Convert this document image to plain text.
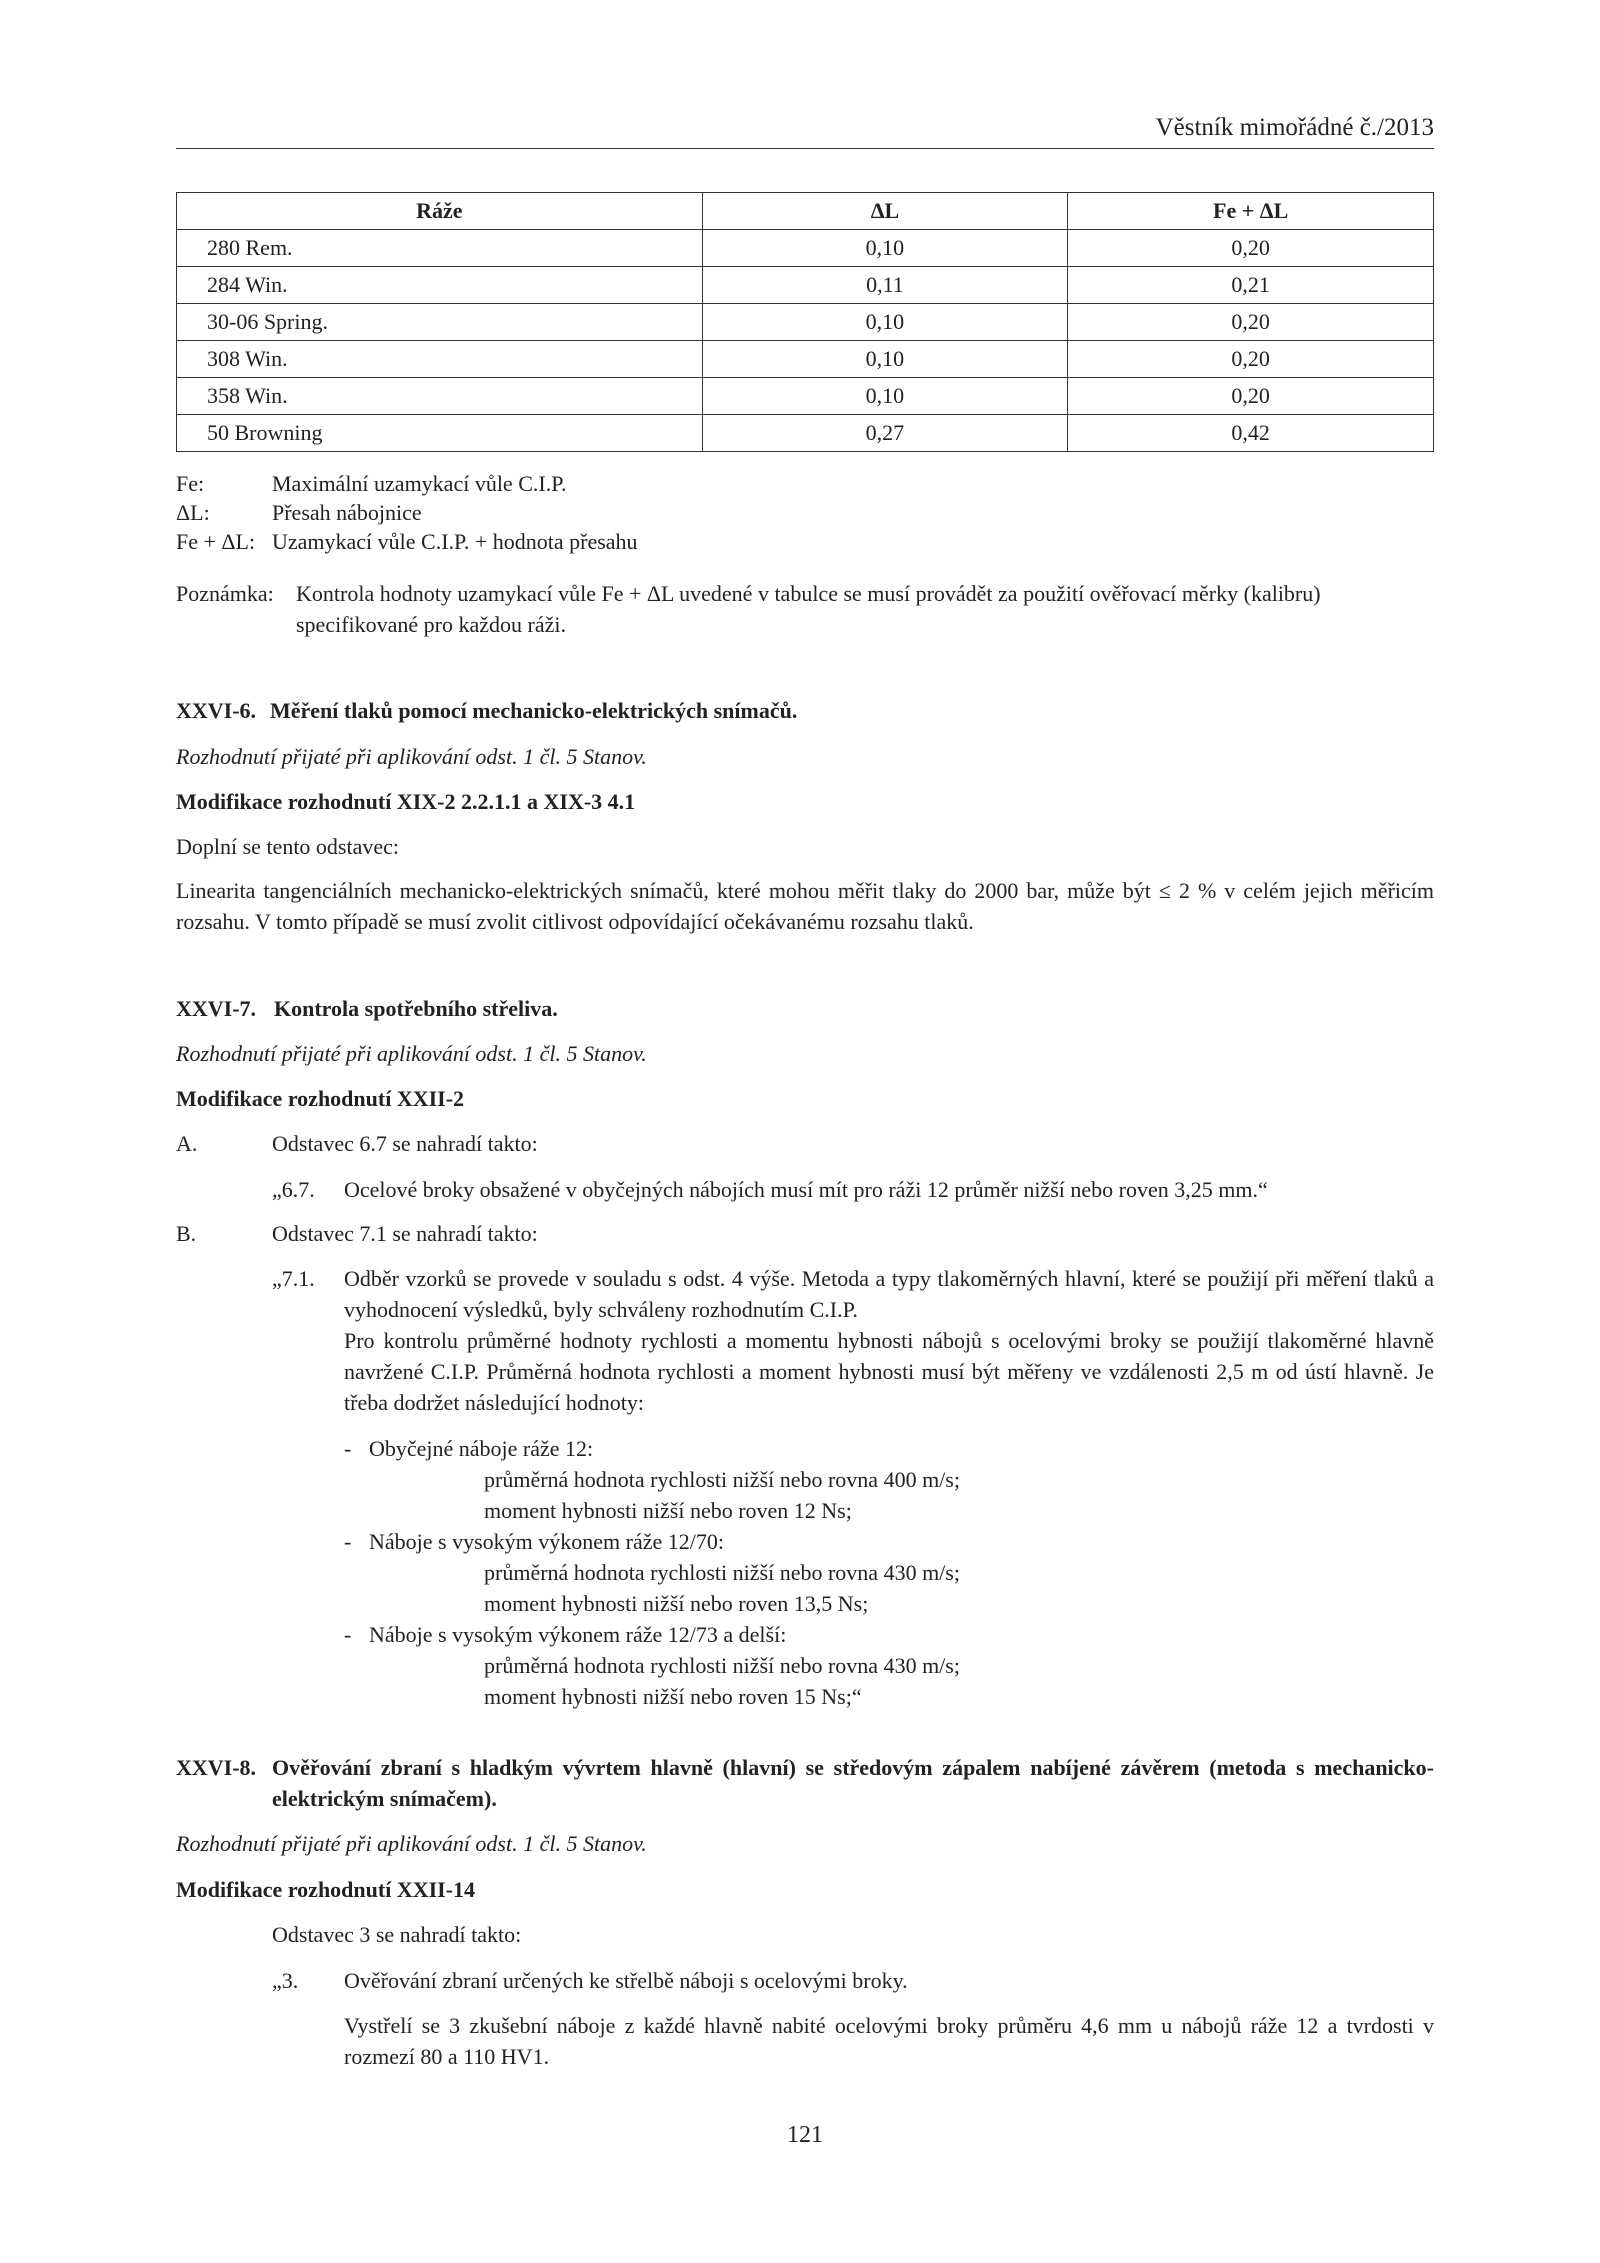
Věstník mimořádné č./2013
Ráže	ΔL	Fe + ΔL
280 Rem.	0,10	0,20
284 Win.	0,11	0,21
30-06 Spring.	0,10	0,20
308 Win.	0,10	0,20
358 Win.	0,10	0,20
50 Browning	0,27	0,42
Fe:	Maximální uzamykací vůle C.I.P.
ΔL:	Přesah nábojnice
Fe + ΔL: Uzamykací vůle C.I.P. + hodnota přesahu
Poznámka:	Kontrola hodnoty uzamykací vůle Fe + ΔL uvedené v tabulce se musí provádět za použití ověřovací měrky (kalibru) specifikované pro každou ráži.
XXVI-6. Měření tlaků pomocí mechanicko-elektrických snímačů.
Rozhodnutí přijaté při aplikování odst. 1 čl. 5 Stanov.
Modifikace rozhodnutí XIX-2 2.2.1.1 a XIX-3 4.1
Doplní se tento odstavec:
Linearita tangenciálních mechanicko-elektrických snímačů, které mohou měřit tlaky do 2000 bar, může být ≤ 2 % v celém jejich měřicím rozsahu. V tomto případě se musí zvolit citlivost odpovídající očekávanému rozsahu tlaků.
XXVI-7. Kontrola spotřebního střeliva.
Rozhodnutí přijaté při aplikování odst. 1 čl. 5 Stanov.
Modifikace rozhodnutí XXII-2
A.	Odstavec 6.7 se nahradí takto:
„6.7. Ocelové broky obsažené v obyčejných nábojích musí mít pro ráži 12 průměr nižší nebo roven 3,25 mm.“
B.	Odstavec 7.1 se nahradí takto:
„7.1.	Odběr vzorků se provede v souladu s odst. 4 výše. Metoda a typy tlakoměrných hlavní, které se použijí při měření tlaků a vyhodnocení výsledků, byly schváleny rozhodnutím C.I.P.
Pro kontrolu průměrné hodnoty rychlosti a momentu hybnosti nábojů s ocelovými broky se použijí tlakoměrné hlavně navržené C.I.P. Průměrná hodnota rychlosti a moment hybnosti musí být měřeny ve vzdálenosti 2,5 m od ústí hlavně. Je třeba dodržet následující hodnoty:
- Obyčejné náboje ráže 12:
průměrná hodnota rychlosti nižší nebo rovna 400 m/s;
moment hybnosti nižší nebo roven 12 Ns;
- Náboje s vysokým výkonem ráže 12/70:
průměrná hodnota rychlosti nižší nebo rovna 430 m/s;
moment hybnosti nižší nebo roven 13,5 Ns;
- Náboje s vysokým výkonem ráže 12/73 a delší:
průměrná hodnota rychlosti nižší nebo rovna 430 m/s;
moment hybnosti nižší nebo roven 15 Ns;“
XXVI-8. Ověřování zbraní s hladkým vývrtem hlavně (hlavní) se středovým zápalem nabíjené závěrem (metoda s mechanicko-elektrickým snímačem).
Rozhodnutí přijaté při aplikování odst. 1 čl. 5 Stanov.
Modifikace rozhodnutí XXII-14
Odstavec 3 se nahradí takto:
„3. Ověřování zbraní určených ke střelbě náboji s ocelovými broky.
Vystřelí se 3 zkušební náboje z každé hlavně nabité ocelovými broky průměru 4,6 mm u nábojů ráže 12 a tvrdosti v rozmezí 80 a 110 HV1.
121
